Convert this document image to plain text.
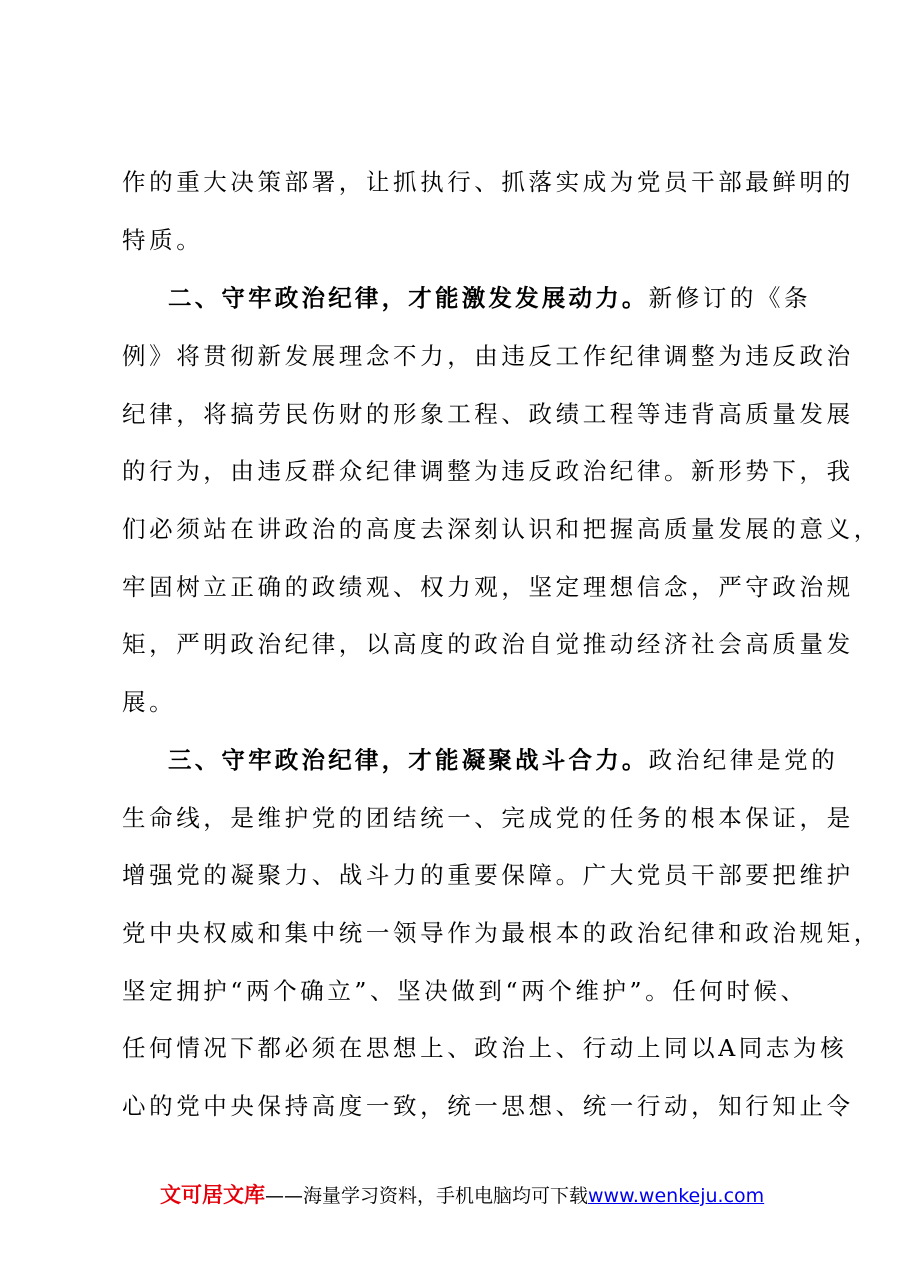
作的重大决策部署，让抓执行、抓落实成为党员干部最鲜明的
特质。
二、守牢政治纪律，才能激发发展动力。新修订的《条
例》将贯彻新发展理念不力，由违反工作纪律调整为违反政治
纪律，将搞劳民伤财的形象工程、政绩工程等违背高质量发展
的行为，由违反群众纪律调整为违反政治纪律。新形势下，我
们必须站在讲政治的高度去深刻认识和把握高质量发展的意义，
牢固树立正确的政绩观、权力观，坚定理想信念，严守政治规
矩，严明政治纪律，以高度的政治自觉推动经济社会高质量发
展。
三、守牢政治纪律，才能凝聚战斗合力。政治纪律是党的
生命线，是维护党的团结统一、完成党的任务的根本保证，是
增强党的凝聚力、战斗力的重要保障。广大党员干部要把维护
党中央权威和集中统一领导作为最根本的政治纪律和政治规矩，
坚定拥护“两个确立”、坚决做到“两个维护”。任何时候、
任何情况下都必须在思想上、政治上、行动上同以A同志为核
心的党中央保持高度一致，统一思想、统一行动，知行知止令
文可居文库——海量学习资料，手机电脑均可下载www.wenkeju.com
